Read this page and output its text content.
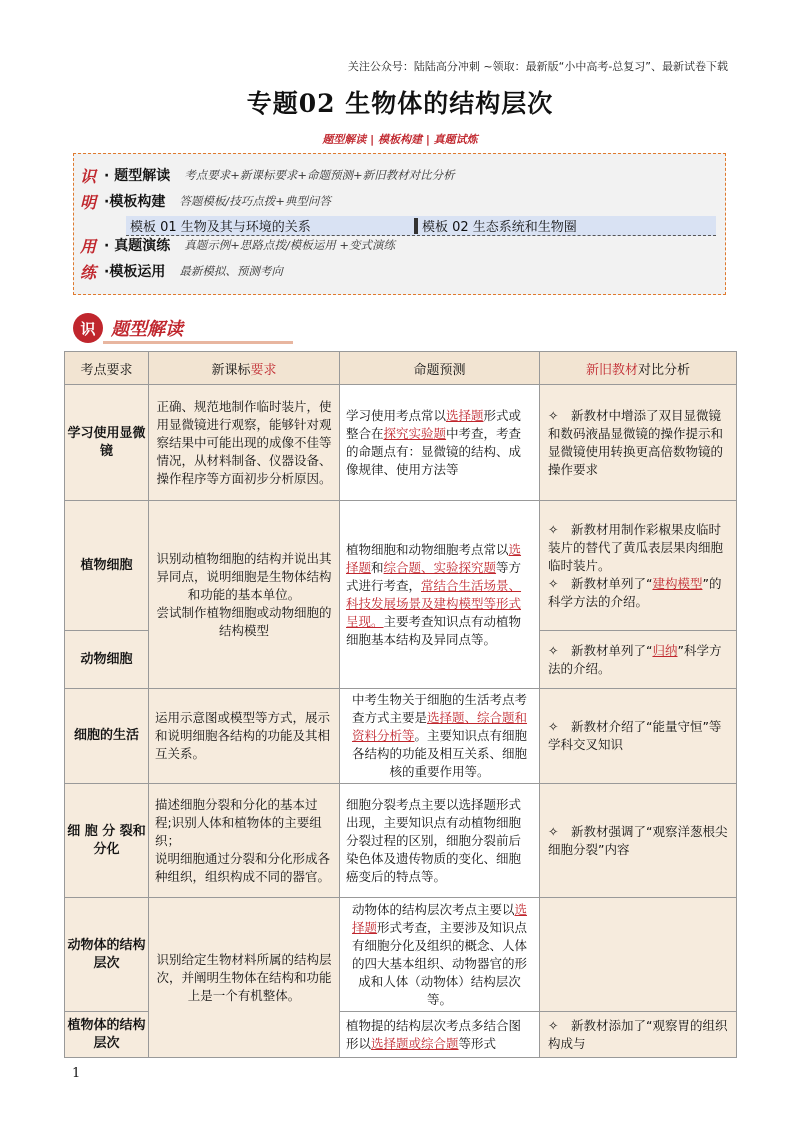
关注公众号：陆陆高分冲刺 ~领取：最新版“小中高考-总复习”、最新试卷下载
专题02 生物体的结构层次
题型解读 | 模板构建 | 真题试炼
识 · 题型解读 考点要求+新课标要求+命题预测+新旧教材对比分析
明 ·模板构建 答题模板/技巧点拨+典型问答
模板 01 生物及其与环境的关系	模板 02 生态系统和生物圈
用 · 真题演练 真题示例+思路点拨/模板运用 +变式演练
练 ·模板运用 最新模拟、预测考向
识 题型解读
考点要求	新课标要求	命题预测	新旧教材对比分析
学习使用显微镜	正确、规范地制作临时装片，使用显微镜进行观察，能够针对观察结果中可能出现的成像不佳等情况，从材料制备、仪器设备、操作程序等方面初步分析原因。	学习使用考点常以选择题形式或整合在探究实验题中考查，考查的命题点有：显微镜的结构、成像规律、使用方法等	✧　新教材中增添了双目显微镜和数码液晶显微镜的操作提示和显微镜使用转换更高倍数物镜的操作要求
植物细胞	识别动植物细胞的结构并说出其异同点，说明细胞是生物体结构和功能的基本单位。
尝试制作植物细胞或动物细胞的结构模型	植物细胞和动物细胞考点常以选择题和综合题、实验探究题等方式进行考查，常结合生活场景、科技发展场景及建构模型等形式呈现。主要考查知识点有动植物细胞基本结构及异同点等。	✧　新教材用制作彩椒果皮临时装片的替代了黄瓜表层果肉细胞临时装片。
✧　新教材单列了“建构模型”的科学方法的介绍。
动物细胞			✧　新教材单列了“归纳”科学方法的介绍。
细胞的生活	运用示意图或模型等方式，展示和说明细胞各结构的功能及其相互关系。	中考生物关于细胞的生活考点考查方式主要是选择题、综合题和资料分析等。主要知识点有细胞各结构的功能及相互关系、细胞核的重要作用等。	✧　新教材介绍了“能量守恒”等学科交叉知识
细 胞 分 裂和分化	描述细胞分裂和分化的基本过程;识别人体和植物体的主要组织；
说明细胞通过分裂和分化形成各种组织，组织构成不同的器官。	细胞分裂考点主要以选择题形式出现，主要知识点有动植物细胞分裂过程的区别，细胞分裂前后染色体及遗传物质的变化、细胞癌变后的特点等。	✧　新教材强调了“观察洋葱根尖细胞分裂”内容
动物体的结构层次	识别给定生物材料所属的结构层次，并阐明生物体在结构和功能上是一个有机整体。	动物体的结构层次考点主要以选择题形式考查，主要涉及知识点有细胞分化及组织的概念、人体的四大基本组织、动物器官的形成和人体（动物体）结构层次等。	
植物体的结构层次		植物提的结构层次考点多结合图形以选择题或综合题等形式	✧　新教材添加了“观察胃的组织构成与
1
